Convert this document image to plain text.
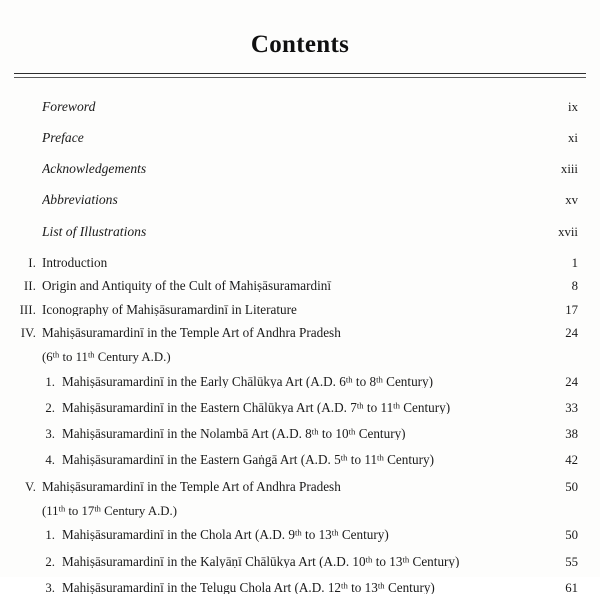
Contents
Foreword	ix
Preface	xi
Acknowledgements	xiii
Abbreviations	xv
List of Illustrations	xvii
I. Introduction	1
II. Origin and Antiquity of the Cult of Mahiṣāsuramardinī	8
III. Iconography of Mahiṣāsuramardinī in Literature	17
IV. Mahiṣāsuramardinī in the Temple Art of Andhra Pradesh	24
(6th to 11th Century A.D.)
1. Mahiṣāsuramardinī in the Early Chālūkya Art (A.D. 6th to 8th Century)	24
2. Mahiṣāsuramardinī in the Eastern Chālūkya Art (A.D. 7th to 11th Century)	33
3. Mahiṣāsuramardinī in the Nolambā Art (A.D. 8th to 10th Century)	38
4. Mahiṣāsuramardinī in the Eastern Gaṅgā Art (A.D. 5th to 11th Century)	42
V. Mahiṣāsuramardinī in the Temple Art of Andhra Pradesh	50
(11th to 17th Century A.D.)
1. Mahiṣāsuramardinī in the Chola Art (A.D. 9th to 13th Century)	50
2. Mahiṣāsuramardinī in the Kalyāṇī Chālūkya Art (A.D. 10th to 13th Century)	55
3. Mahiṣāsuramardinī in the Telugu Chola Art (A.D. 12th to 13th Century)	61
